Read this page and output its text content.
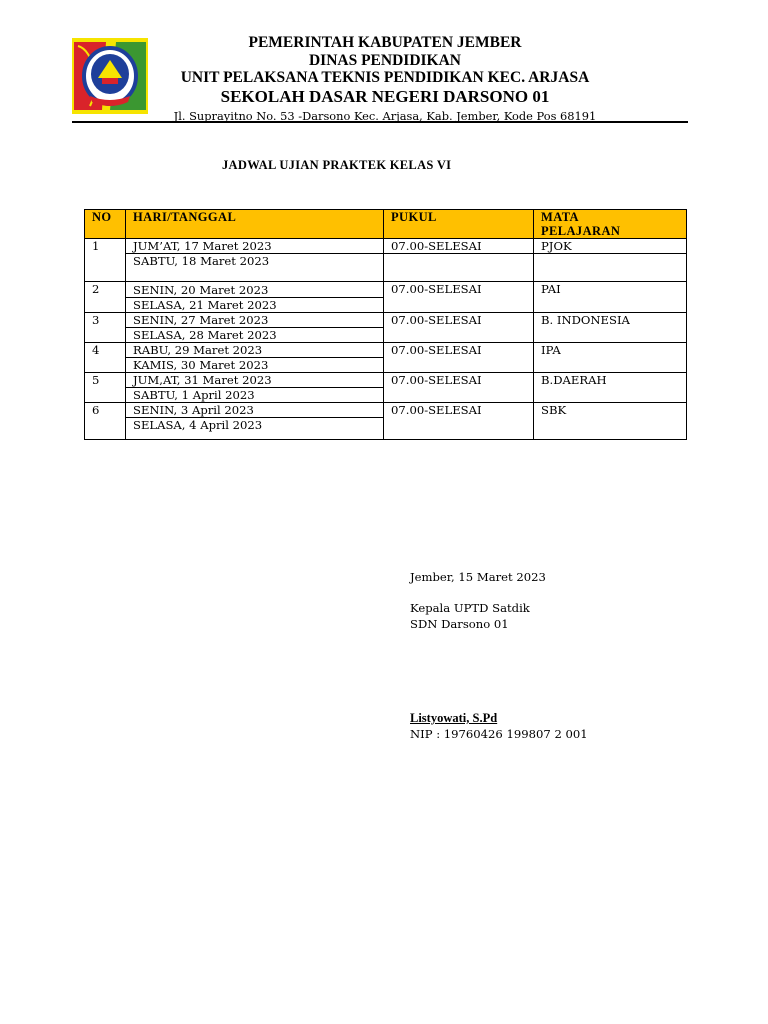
PEMERINTAH KABUPATEN JEMBER
DINAS PENDIDIKAN
UNIT PELAKSANA TEKNIS PENDIDIKAN KEC. ARJASA
SEKOLAH DASAR NEGERI DARSONO 01
Jl. Suprayitno No. 53 -Darsono Kec. Arjasa, Kab. Jember, Kode Pos 68191
JADWAL UJIAN PRAKTEK KELAS VI
NO	HARI/TANGGAL	PUKUL	MATA
PELAJARAN

1	JUM’AT, 17 Maret 2023	07.00-SELESAI	PJOK
	SABTU, 18 Maret 2023		
2	SENIN, 20 Maret 2023	07.00-SELESAI	PAI
	SELASA, 21 Maret 2023		
3	SENIN, 27 Maret 2023	07.00-SELESAI	B. INDONESIA
	SELASA, 28 Maret 2023		
4	RABU, 29 Maret 2023	07.00-SELESAI	IPA
	KAMIS, 30 Maret 2023		
5	JUM,AT, 31 Maret 2023	07.00-SELESAI	B.DAERAH
	SABTU, 1 April 2023		
6	SENIN, 3 April 2023	07.00-SELESAI	SBK
	SELASA, 4 April 2023		
Jember, 15 Maret 2023
Kepala UPTD Satdik
SDN Darsono 01
Listyowati, S.Pd
NIP : 19760426 199807 2 001
